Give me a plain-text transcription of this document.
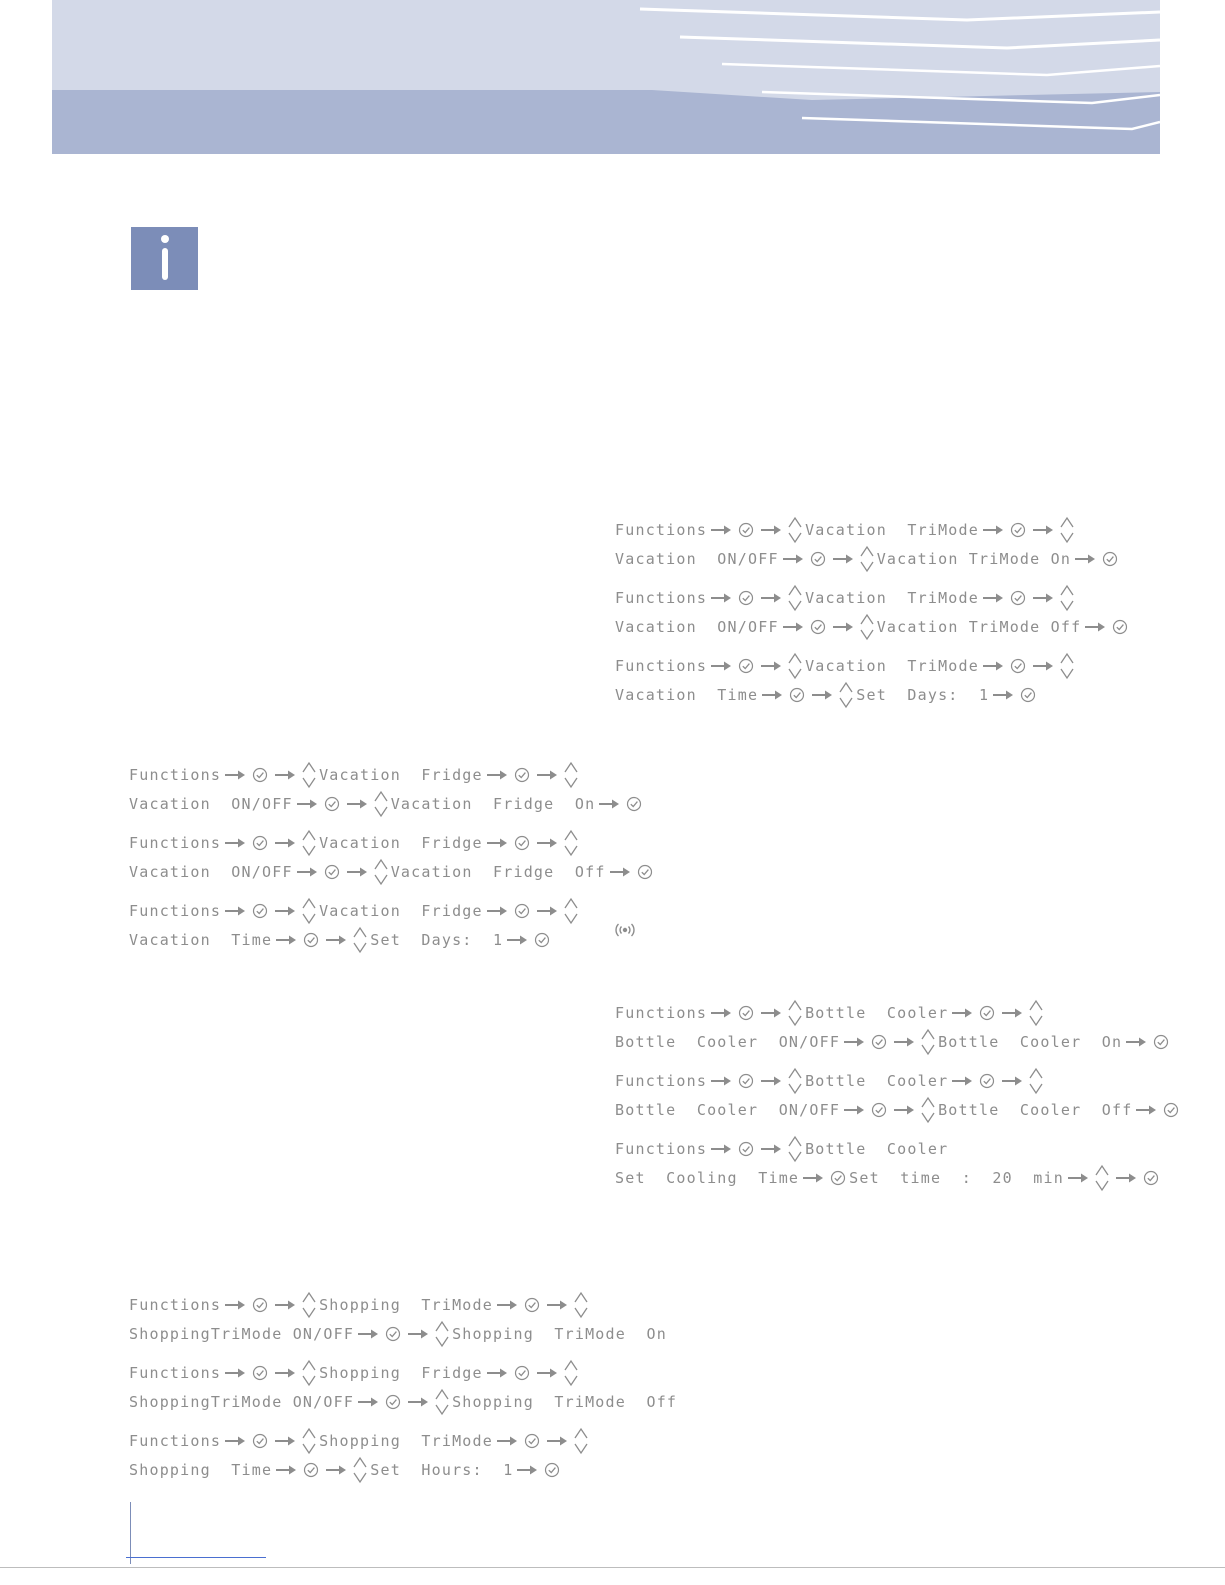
Functions	Vacation  Fridge
Vacation  ON/OFF	Vacation  Fridge  On
Functions	Vacation  Fridge
Vacation  ON/OFF	Vacation  Fridge  Off
Functions	Vacation  Fridge
Vacation  Time	Set  Days:  1
Functions	Shopping  TriMode
ShoppingTriMode ON/OFF	Shopping  TriMode  On
Functions	Shopping  Fridge
ShoppingTriMode ON/OFF	Shopping  TriMode  Off
Functions	Shopping  TriMode
Shopping  Time	Set  Hours:  1
Functions	Vacation  TriMode
Vacation  ON/OFF	Vacation TriMode On
Functions	Vacation  TriMode
Vacation  ON/OFF	Vacation TriMode Off
Functions	Vacation  TriMode
Vacation  Time	Set  Days:  1
Functions	Bottle  Cooler
Bottle  Cooler  ON/OFF	Bottle  Cooler  On
Functions	Bottle  Cooler
Bottle  Cooler  ON/OFF	Bottle  Cooler  Off
Functions	Bottle  Cooler
Set  Cooling  Time	Set  time  :  20  min
